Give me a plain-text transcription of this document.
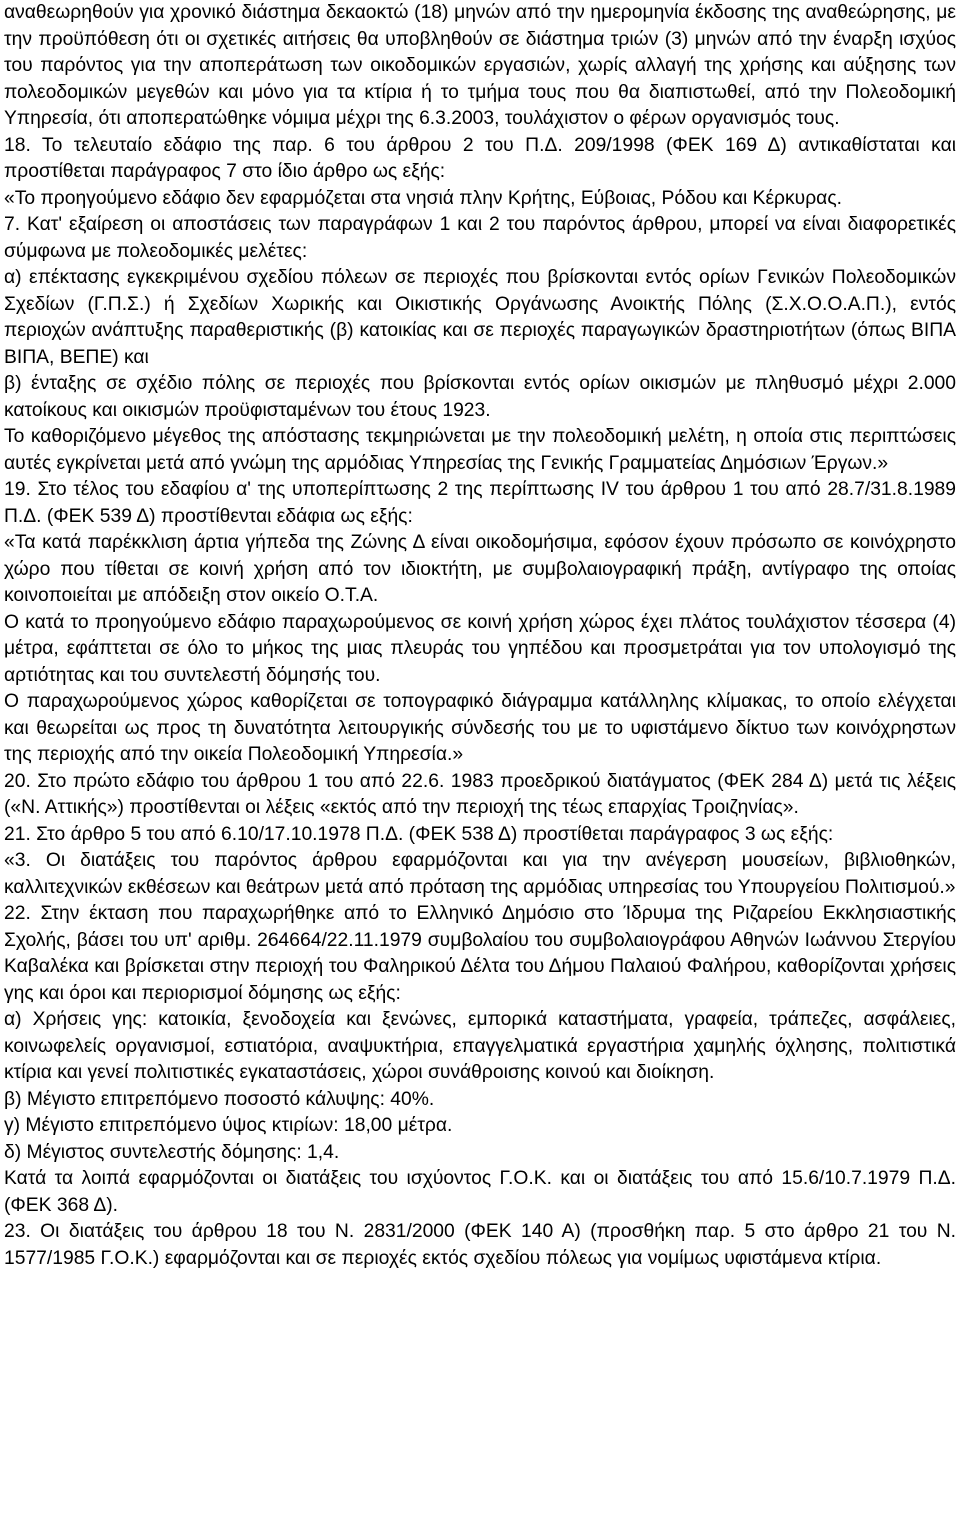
αναθεωρηθούν για χρονικό διάστημα δεκαοκτώ (18) μηνών από την ημερομηνία έκδοσης της αναθεώρησης, με την προϋπόθεση ότι οι σχετικές αιτήσεις θα υποβληθούν σε διάστημα τριών (3) μηνών από την έναρξη ισχύος του παρόντος για την αποπεράτωση των οικοδομικών εργασιών, χωρίς αλλαγή της χρήσης και αύξησης των πολεοδομικών μεγεθών και μόνο για τα κτίρια ή το τμήμα τους που θα διαπιστωθεί, από την Πολεοδομική Υπηρεσία, ότι αποπερατώθηκε νόμιμα μέχρι της 6.3.2003, τουλάχιστον ο φέρων οργανισμός τους.

18. Το τελευταίο εδάφιο της παρ. 6 του άρθρου 2 του Π.Δ. 209/1998 (ΦΕΚ 169 Δ) αντικαθίσταται και προστίθεται παράγραφος 7 στο ίδιο άρθρο ως εξής:

«Το προηγούμενο εδάφιο δεν εφαρμόζεται στα νησιά πλην Κρήτης, Εύβοιας, Ρόδου και Κέρκυρας.

7. Κατ' εξαίρεση οι αποστάσεις των παραγράφων 1 και 2 του παρόντος άρθρου, μπορεί να είναι διαφορετικές σύμφωνα με πολεοδομικές μελέτες:

α) επέκτασης εγκεκριμένου σχεδίου πόλεων σε περιοχές που βρίσκονται εντός ορίων Γενικών Πολεοδομικών Σχεδίων (Γ.Π.Σ.) ή Σχεδίων Χωρικής και Οικιστικής Οργάνωσης Ανοικτής Πόλης (Σ.Χ.Ο.Ο.Α.Π.), εντός περιοχών ανάπτυξης παραθεριστικής (β) κατοικίας και σε περιοχές παραγωγικών δραστηριοτήτων (όπως ΒΙΠΑ ΒΙΠΑ, ΒΕΠΕ) και

β) ένταξης σε σχέδιο πόλης σε περιοχές που βρίσκονται εντός ορίων οικισμών με πληθυσμό μέχρι 2.000 κατοίκους και οικισμών προϋφισταμένων του έτους 1923.

Το καθοριζόμενο μέγεθος της απόστασης τεκμηριώνεται με την πολεοδομική μελέτη, η οποία στις περιπτώσεις αυτές εγκρίνεται μετά από γνώμη της αρμόδιας Υπηρεσίας της Γενικής Γραμματείας Δημόσιων Έργων.»

19. Στο τέλος του εδαφίου α' της υποπερίπτωσης 2 της περίπτωσης IV του άρθρου 1 του από 28.7/31.8.1989 Π.Δ. (ΦΕΚ 539 Δ) προστίθενται εδάφια ως εξής:

«Τα κατά παρέκκλιση άρτια γήπεδα της Ζώνης Δ είναι οικοδομήσιμα, εφόσον έχουν πρόσωπο σε κοινόχρηστο χώρο που τίθεται σε κοινή χρήση από τον ιδιοκτήτη, με συμβολαιογραφική πράξη, αντίγραφο της οποίας κοινοποιείται με απόδειξη στον οικείο Ο.Τ.Α.

Ο κατά το προηγούμενο εδάφιο παραχωρούμενος σε κοινή χρήση χώρος έχει πλάτος τουλάχιστον τέσσερα (4) μέτρα, εφάπτεται σε όλο το μήκος της μιας πλευράς του γηπέδου και προσμετράται για τον υπολογισμό της αρτιότητας και του συντελεστή δόμησής του.

Ο παραχωρούμενος χώρος καθορίζεται σε τοπογραφικό διάγραμμα κατάλληλης κλίμακας, το οποίο ελέγχεται και θεωρείται ως προς τη δυνατότητα λειτουργικής σύνδεσής του με το υφιστάμενο δίκτυο των κοινόχρηστων της περιοχής από την οικεία Πολεοδομική Υπηρεσία.»

20. Στο πρώτο εδάφιο του άρθρου 1 του από 22.6. 1983 προεδρικού διατάγματος (ΦΕΚ 284 Δ) μετά τις λέξεις («Ν. Αττικής») προστίθενται οι λέξεις «εκτός από την περιοχή της τέως επαρχίας Τροιζηνίας».

21. Στο άρθρο 5 του από 6.10/17.10.1978 Π.Δ. (ΦΕΚ 538 Δ) προστίθεται παράγραφος 3 ως εξής:

«3. Οι διατάξεις του παρόντος άρθρου εφαρμόζονται και για την ανέγερση μουσείων, βιβλιοθηκών, καλλιτεχνικών εκθέσεων και θεάτρων μετά από πρόταση της αρμόδιας υπηρεσίας του Υπουργείου Πολιτισμού.»

22. Στην έκταση που παραχωρήθηκε από το Ελληνικό Δημόσιο στο Ίδρυμα της Ριζαρείου Εκκλησιαστικής Σχολής, βάσει του υπ' αριθμ. 264664/22.11.1979 συμβολαίου του συμβολαιογράφου Αθηνών Ιωάννου Στεργίου Καβαλέκα και βρίσκεται στην περιοχή του Φαληρικού Δέλτα του Δήμου Παλαιού Φαλήρου, καθορίζονται χρήσεις γης και όροι και περιορισμοί δόμησης ως εξής:

α) Χρήσεις γης: κατοικία, ξενοδοχεία και ξενώνες, εμπορικά καταστήματα, γραφεία, τράπεζες, ασφάλειες, κοινωφελείς οργανισμοί, εστιατόρια, αναψυκτήρια, επαγγελματικά εργαστήρια χαμηλής όχλησης, πολιτιστικά κτίρια και γενεί πολιτιστικές εγκαταστάσεις, χώροι συνάθροισης κοινού και διοίκηση.

β) Μέγιστο επιτρεπόμενο ποσοστό κάλυψης: 40%.

γ) Μέγιστο επιτρεπόμενο ύψος κτιρίων: 18,00 μέτρα.

δ) Μέγιστος συντελεστής δόμησης: 1,4.

Κατά τα λοιπά εφαρμόζονται οι διατάξεις του ισχύοντος Γ.Ο.Κ. και οι διατάξεις του από 15.6/10.7.1979 Π.Δ. (ΦΕΚ 368 Δ).

23. Οι διατάξεις του άρθρου 18 του Ν. 2831/2000 (ΦΕΚ 140 Α) (προσθήκη παρ. 5 στο άρθρο 21 του Ν. 1577/1985 Γ.Ο.Κ.) εφαρμόζονται και σε περιοχές εκτός σχεδίου πόλεως για νομίμως υφιστάμενα κτίρια.
